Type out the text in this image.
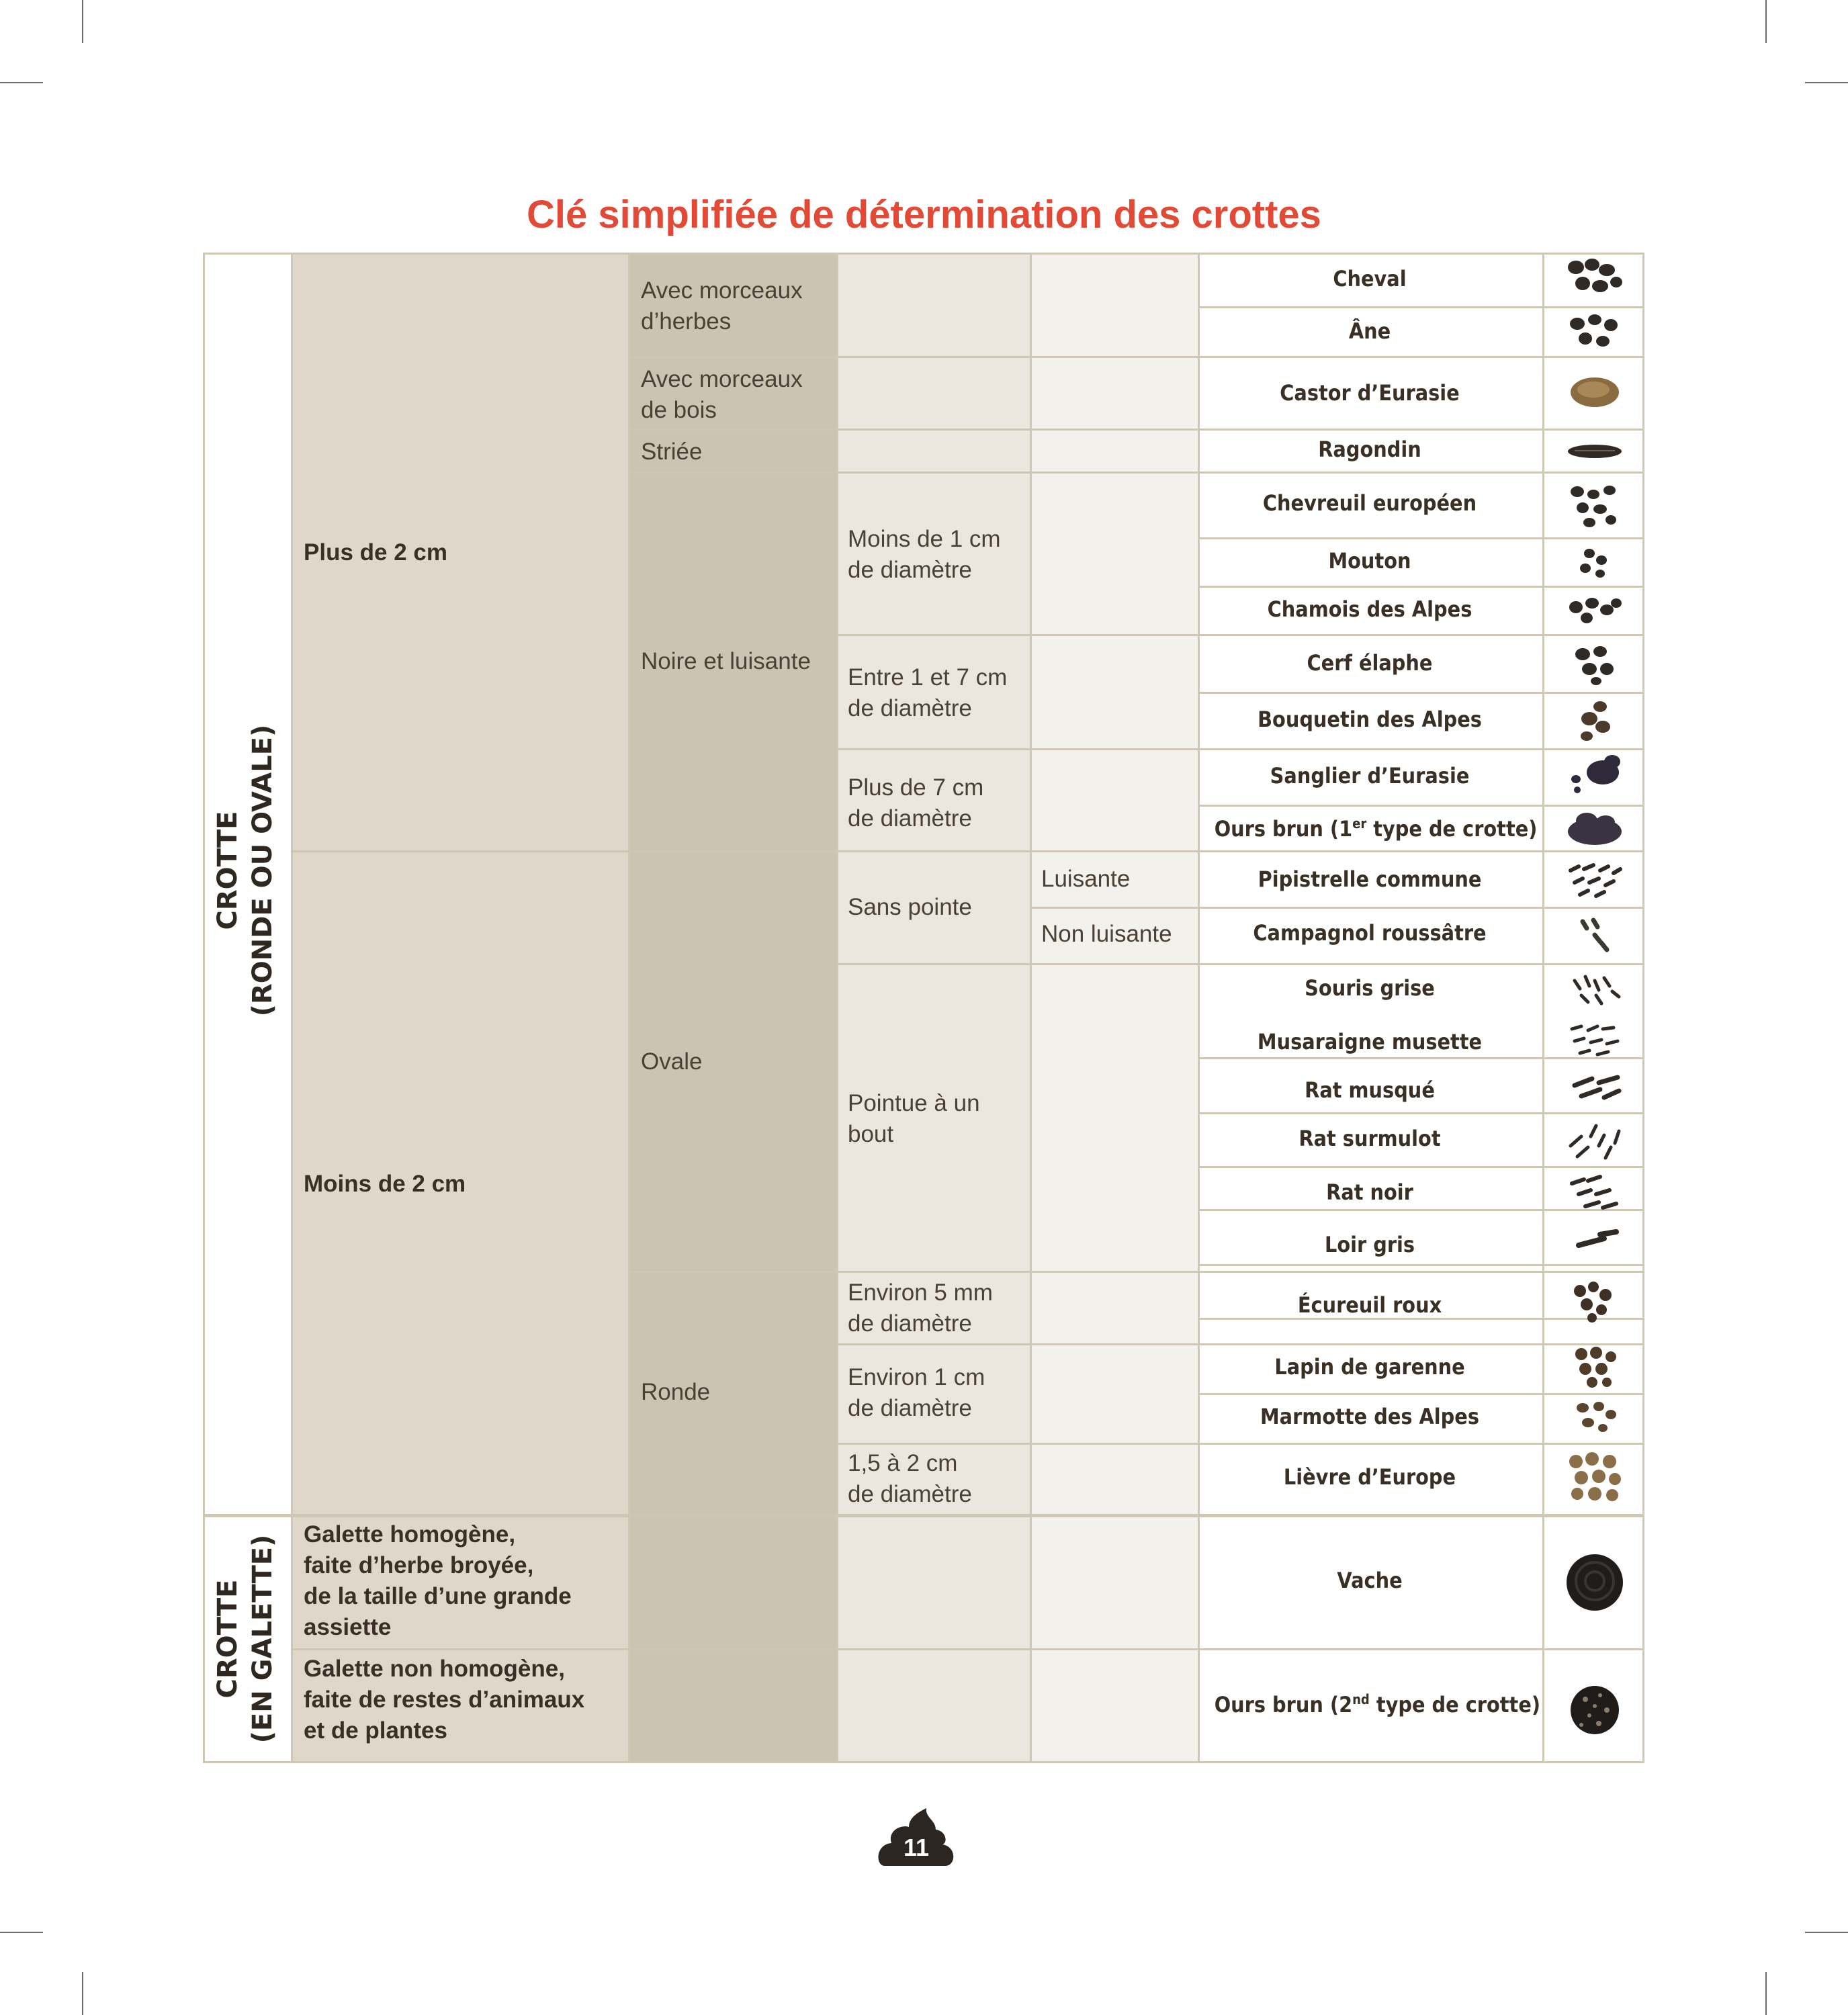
Clé simplifiée de détermination des crottes
CROTTE
(RONDE OU OVALE)
CROTTE
(EN GALETTE)
Plus de 2 cm
Moins de 2 cm
Galette homogène,
faite d’herbe broyée,
de la taille d’une grande
assiette
Galette non homogène,
faite de restes d’animaux
et de plantes
Avec morceaux
d’herbes
Avec morceaux
de bois
Striée
Noire et luisante
Ovale
Ronde
Moins de 1 cm
de diamètre
Entre 1 et 7 cm
de diamètre
Plus de 7 cm
de diamètre
Sans pointe
Pointue à un
bout
Environ 5 mm
de diamètre
Environ 1 cm
de diamètre
1,5 à 2 cm
de diamètre
Luisante
Non luisante
Cheval
Âne
Castor d’Eurasie
Ragondin
Chevreuil européen
Mouton
Chamois des Alpes
Cerf élaphe
Bouquetin des Alpes
Sanglier d’Eurasie
Ours brun (1er type de crotte)
Pipistrelle commune
Campagnol roussâtre
Souris grise
Musaraigne musette
Rat musqué
Rat surmulot
Rat noir
Loir gris
Écureuil roux
Lapin de garenne
Marmotte des Alpes
Lièvre d’Europe
Vache
Ours brun (2nd type de crotte)
11
